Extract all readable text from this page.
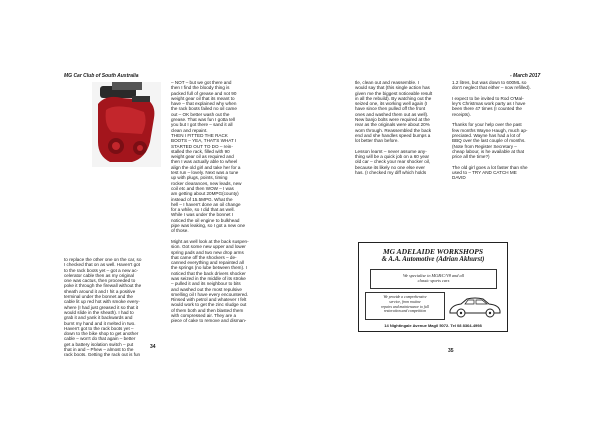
MG Car Club of South Australia	- March 2017
to replace the other one on the car, so
I checked that on as well. Haven't got
to the rack boots yet – got a new ac-
celerator cable then as my original
one was cactus, then proceeded to
poke it through the firewall without the
sheath around it and I hit a positive
terminal under the bonnet and the
cable lit up red hot with smoke every-
where (I had just greased it so that it
would slide in the sheath). I had to
grab it and yank it backwards and
burnt my hand and it melted in two.
Haven't got to the rack boots yet –
down to the bike shop to get another
cable – won't do that again – better
get a battery isolation switch – put
that in and – Phew – almost to the
rack boots. Getting the rack out is fun
– NOT – but we got there and
then I find the bloody thing is
packed full of grease and not 90
weight gear oil that its meant to
have – that explained why when
the rack boots failed no oil came
out – OK better wash out the
grease. That was fun I gotta tell
you but I got there – sand it all
clean and repaint.
THEN I FITTED THE RACK
BOOTS – YEA, THAT'S WHAT I
STARTED OUT TO DO – rein-
stalled the rack, filled with 90
weight gear oil as required and
then I was actually able to wheel
align the old girl and take her for a
test run – lovely. Next was a tune
up with plugs, points, timing
rocker clearances, new leads, new
coil etc and then WOW – I was
am getting about 20MPG(county)
instead of 15.5MPG. What the
hell – I haven't done an oil change
for a while, so I did that as well.
While I was under the bonnet I
noticed the oil engine to bulkhead
pipe was leaking, so I got a new one
of those.

Might as well look at the back suspen-
sion. Got some new upper and lower
spring pads and two new drop arms
that came off the shockers – de-
canned everything and repainted all
the springs (no lube between them). I
noticed that the back drivers shocker
was seized in the middle of its stroke
– pulled it and its neighbour to bits
and washed out the most repulsive
smelling oil I have every encountered.
Rinsed with petrol and whatever I felt
would work to get the zinc sludge out
of them both and then blasted them
with compressed air. They are a
piece of cake to remove and disman-
tle, clean out and reassemble. I
would say that (this single action has
given me the biggest noticeable result
in all the rebuild). By watching out the
seized one, its working well again (I
have since then pulled off the front
ones and washed them out as well).
New banjo bolts were required at the
rear as the originals were about 20%
worn through. Reassembled the back
end and she handles speed bumps a
lot better than before.

Lesson learnt – never assume any-
thing will be a quick job on a 60 year
old car – check your rear shocker oil,
because its likely no one else ever
has. (I checked my diff which holds
1.2 litres, but was down to 600ML so
don't neglect that either – now refilled).

I expect to be invited to Rod O'Mal-
ley's Christmas work party as I have
been there 47 times (I counted the
receipts).

Thanks for your help over the past
few months Wayne Haugh, much ap-
preciated. Wayne has had a lot of
BBQ over the last couple of months.
(Note from Register Secretary –
cheap labour, is he available at that
price all the time?)

The old girl goes a lot faster than she
used to – TRY AND CATCH ME
DAVID
34
35
MG ADELAIDE WORKSHOPS
& A.A. Automotive (Adrian Akhurst)
We specialise in MGB/C/V8 and all
classic sports cars
We provide a comprehensive
service, from routine
repairs and maintenance to full
restoration and competition
14 Nightingale Avenue Magil 5072. Tel 08 8364-4998
